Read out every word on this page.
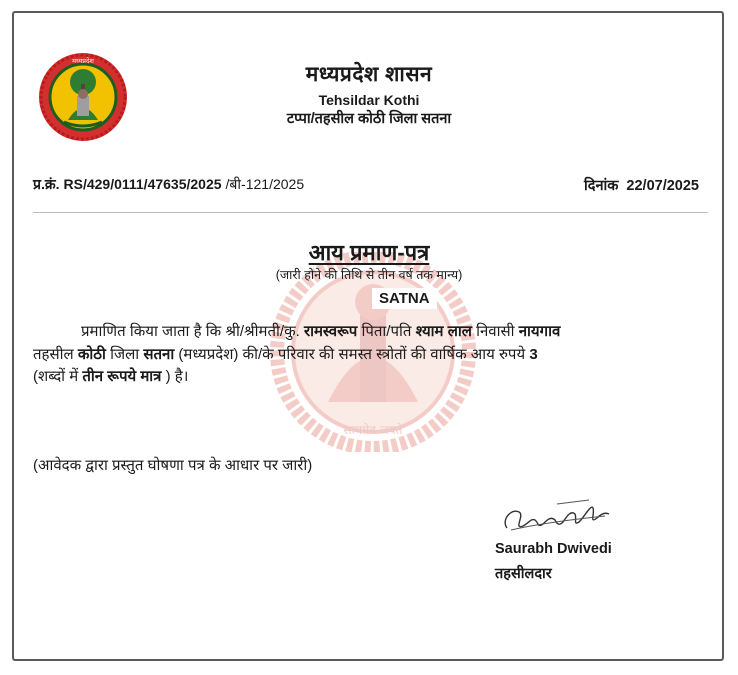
सत्यमेव जयते
मध्यप्रदेश
मध्यप्रदेश शासन
Tehsildar Kothi
टप्पा/तहसील कोठी जिला सतना
प्र.क्रं. RS/429/0111/47635/2025 /बी-121/2025	दिनांक 22/07/2025
आय प्रमाण-पत्र
(जारी होने की तिथि से तीन वर्ष तक मान्य)
SATNA

प्रमाणित किया जाता है कि श्री/श्रीमती/कु. रामस्वरूप पिता/पति श्याम लाल निवासी नायगाव

तहसील कोठी जिला सतना (मध्यप्रदेश) की/के परिवार की समस्त स्त्रोतों की वार्षिक आय रुपये 3

(शब्दों में तीन रूपये मात्र ) है।

(आवेदक द्वारा प्रस्तुत घोषणा पत्र के आधार पर जारी)
Saurabh Dwivedi
तहसीलदार
